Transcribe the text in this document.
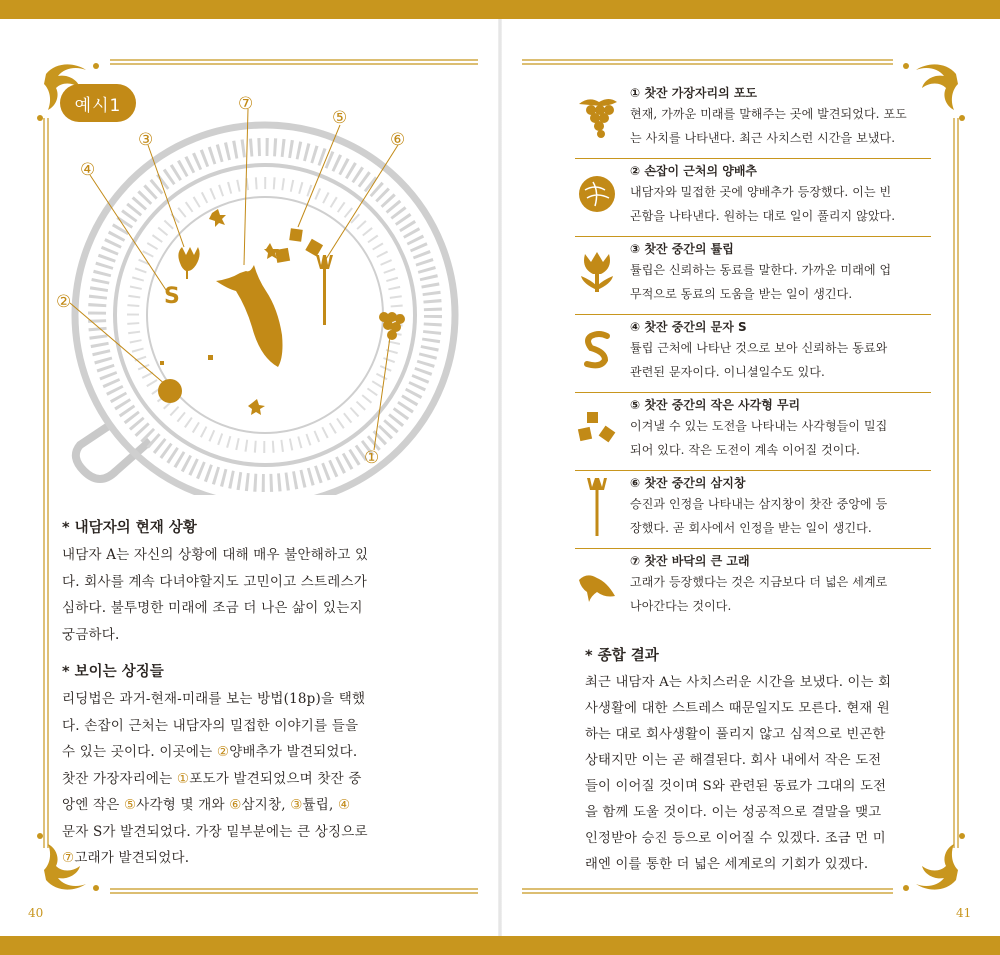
예시1
S
①
②
③
④
⑤
⑥
⑦

* 내담자의 현재 상황

내담자 A는 자신의 상황에 대해 매우 불안해하고 있
다. 회사를 계속 다녀야할지도 고민이고 스트레스가
심하다. 불투명한 미래에 조금 더 나은 삶이 있는지
궁금하다.

* 보이는 상징들

리딩법은 과거-현재-미래를 보는 방법(18p)을 택했
다. 손잡이 근처는 내담자의 밀접한 이야기를 들을
수 있는 곳이다. 이곳에는 ②양배추가 발견되었다.
찻잔 가장자리에는 ①포도가 발견되었으며 찻잔 중
앙엔 작은 ⑤사각형 몇 개와 ⑥삼지창, ③튤립, ④
문자 S가 발견되었다. 가장 밑부분에는 큰 상징으로
⑦고래가 발견되었다.
40	41
① 찻잔 가장자리의 포도
현재, 가까운 미래를 말해주는 곳에 발견되었다. 포도
는 사치를 나타낸다. 최근 사치스런 시간을 보냈다.
② 손잡이 근처의 양배추
내담자와 밀접한 곳에 양배추가 등장했다. 이는 빈
곤함을 나타낸다. 원하는 대로 일이 풀리지 않았다.
③ 찻잔 중간의 튤립
튤립은 신뢰하는 동료를 말한다. 가까운 미래에 업
무적으로 동료의 도움을 받는 일이 생긴다.
④ 찻잔 중간의 문자 S
튤립 근처에 나타난 것으로 보아 신뢰하는 동료와
관련된 문자이다. 이니셜일수도 있다.
⑤ 찻잔 중간의 작은 사각형 무리
이겨낼 수 있는 도전을 나타내는 사각형들이 밀집
되어 있다. 작은 도전이 계속 이어질 것이다.
⑥ 찻잔 중간의 삼지창
승진과 인정을 나타내는 삼지창이 찻잔 중앙에 등
장했다. 곧 회사에서 인정을 받는 일이 생긴다.
⑦ 찻잔 바닥의 큰 고래
고래가 등장했다는 것은 지금보다 더 넓은 세계로
나아간다는 것이다.

* 종합 결과

최근 내담자 A는 사치스러운 시간을 보냈다. 이는 회
사생활에 대한 스트레스 때문일지도 모른다. 현재 원
하는 대로 회사생활이 풀리지 않고 심적으로 빈곤한
상태지만 이는 곧 해결된다. 회사 내에서 작은 도전
들이 이어질 것이며 S와 관련된 동료가 그대의 도전
을 함께 도울 것이다. 이는 성공적으로 결말을 맺고
인정받아 승진 등으로 이어질 수 있겠다. 조금 먼 미
래엔 이를 통한 더 넓은 세계로의 기회가 있겠다.
